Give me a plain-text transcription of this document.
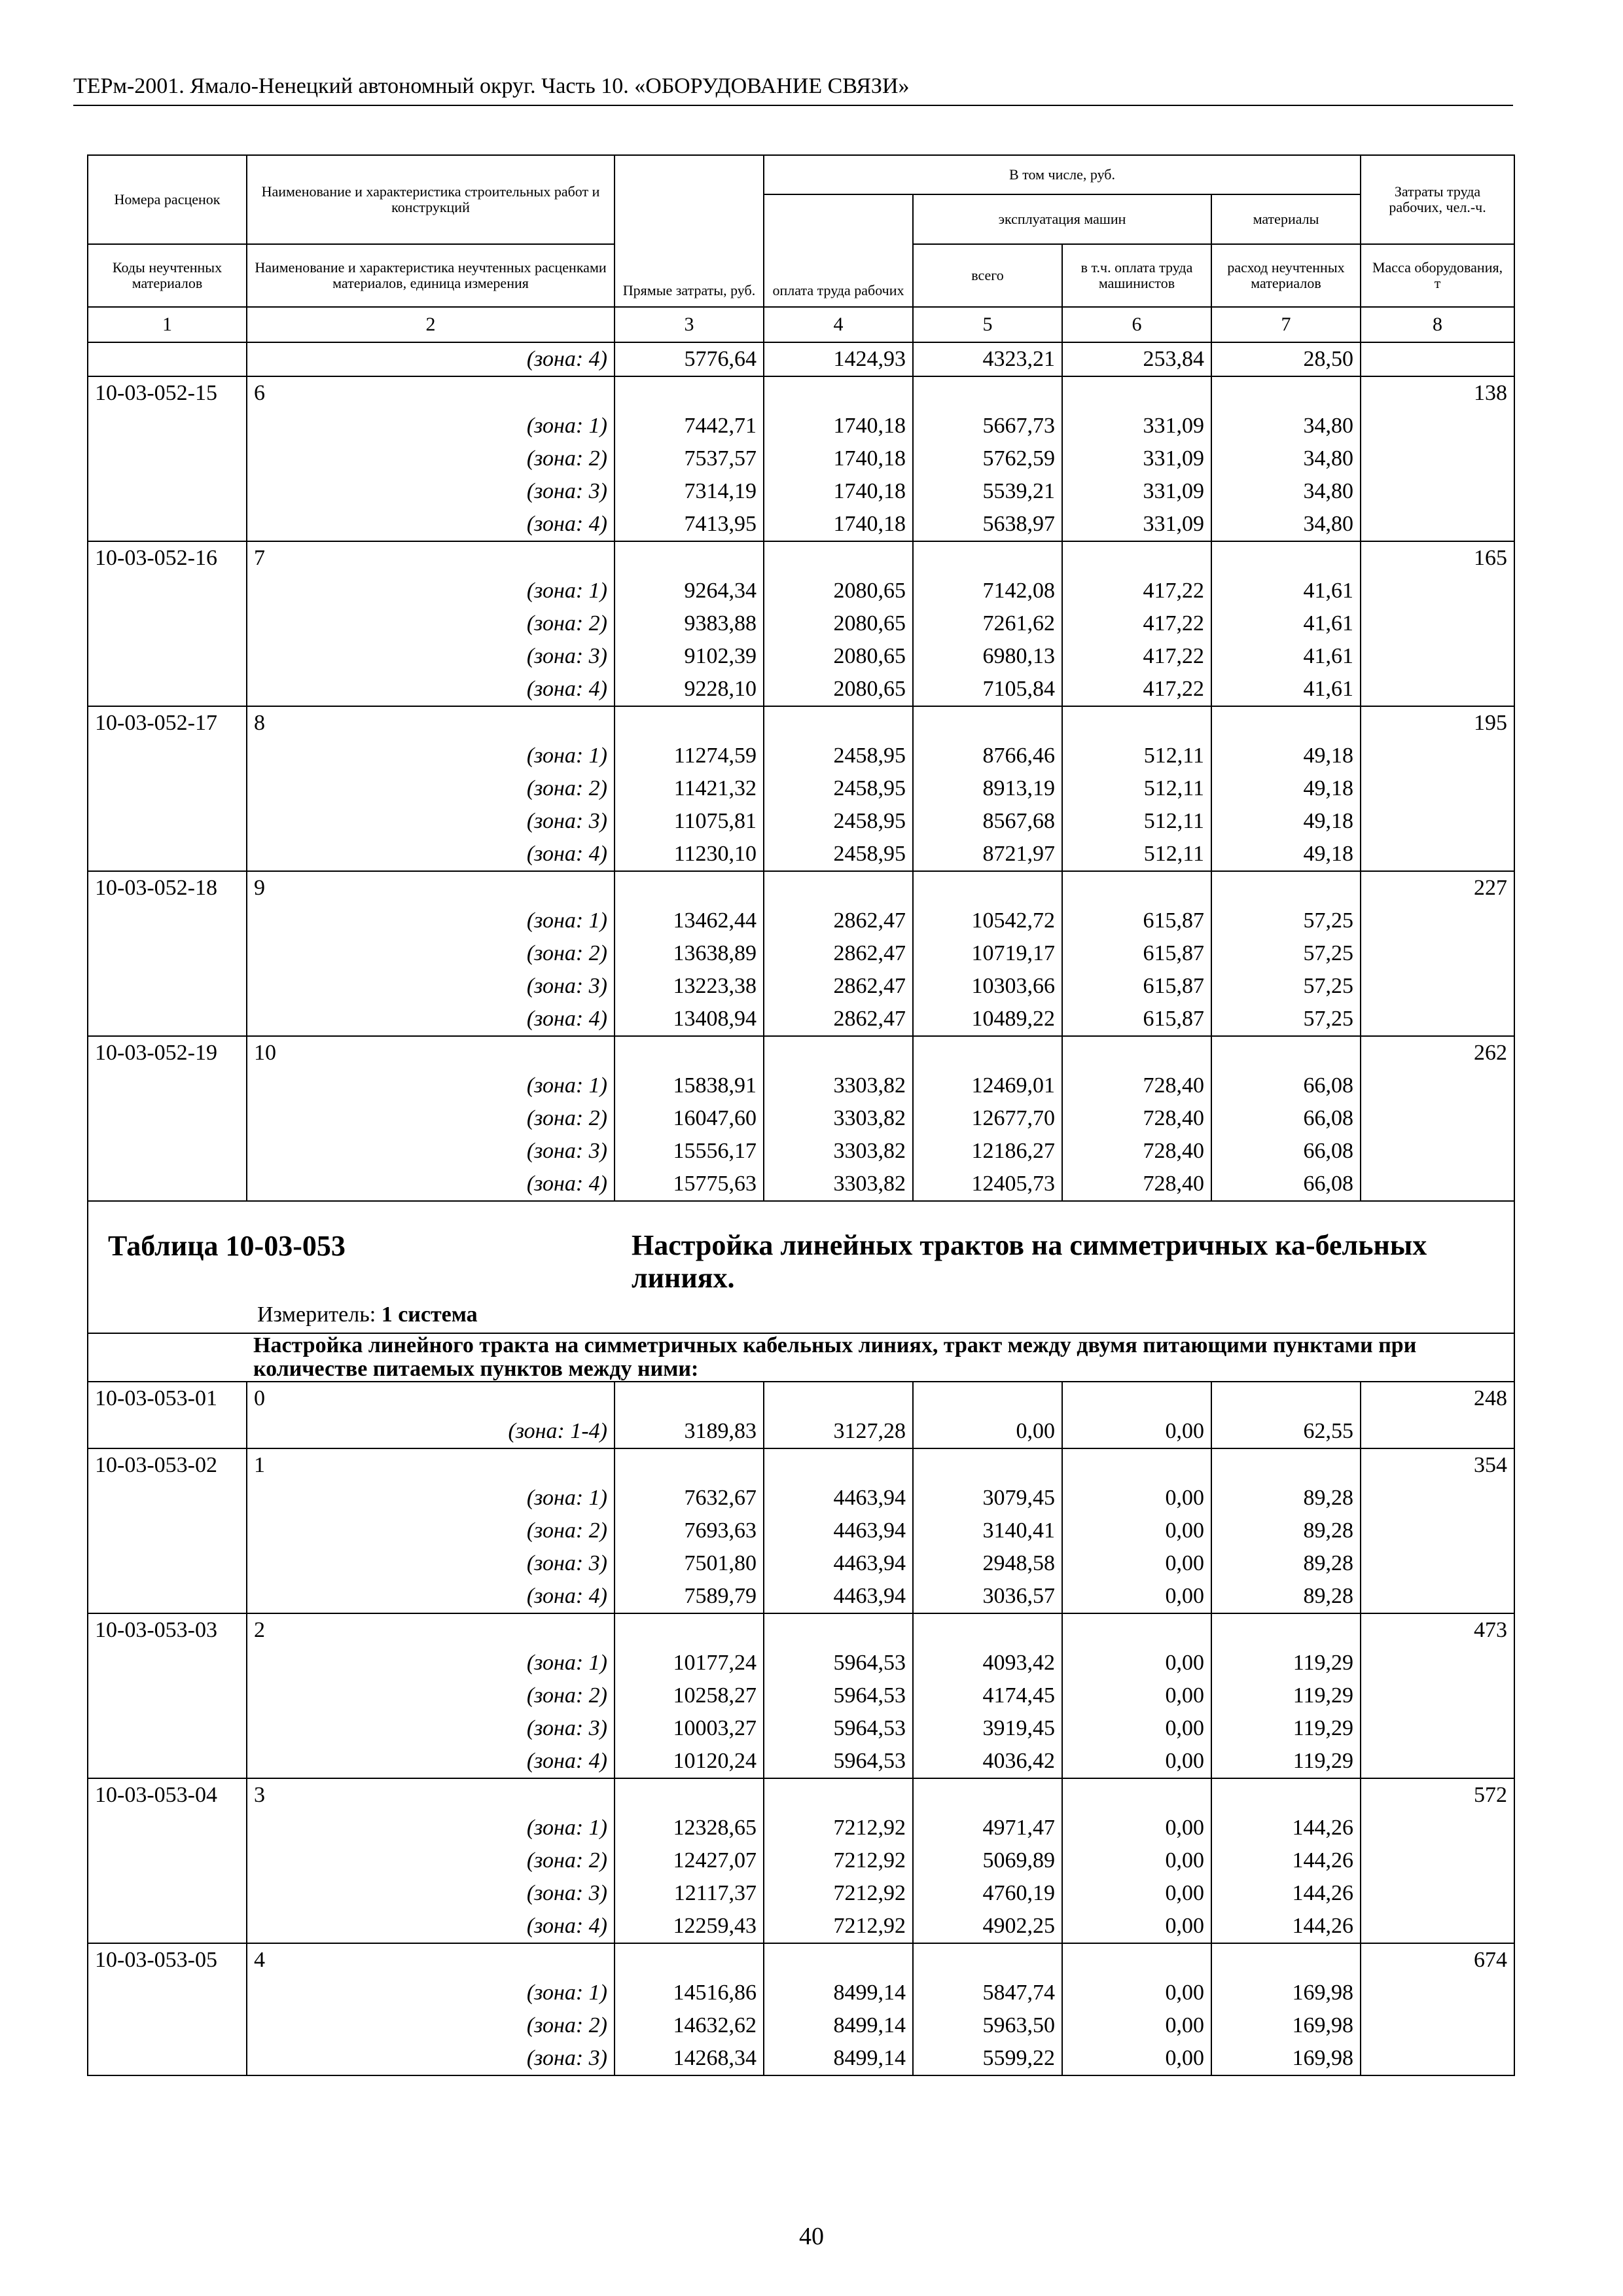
ТЕРм-2001. Ямало-Ненецкий автономный округ. Часть 10. «ОБОРУДОВАНИЕ СВЯЗИ»
Номера расценок	Наименование и характеристика строительных работ и конструкций	Прямые затраты, руб.	В том числе, руб.				Затраты труда рабочих, чел.-ч.
			оплата труда рабочих	эксплуатация машин		материалы	
Коды неучтенных материалов	Наименование и характеристика неучтенных расценками материалов, единица измерения			всего	в т.ч. оплата труда машинистов	расход неучтенных материалов	Масса оборудования, т
1	2	3	4	5	6	7	8
	(зона: 4)	5776,64	1424,93	4323,21	253,84	28,50	
10-03-052-15	6						138
	(зона: 1)	7442,71	1740,18	5667,73	331,09	34,80	
	(зона: 2)	7537,57	1740,18	5762,59	331,09	34,80	
	(зона: 3)	7314,19	1740,18	5539,21	331,09	34,80	
	(зона: 4)	7413,95	1740,18	5638,97	331,09	34,80	
10-03-052-16	7						165
	(зона: 1)	9264,34	2080,65	7142,08	417,22	41,61	
	(зона: 2)	9383,88	2080,65	7261,62	417,22	41,61	
	(зона: 3)	9102,39	2080,65	6980,13	417,22	41,61	
	(зона: 4)	9228,10	2080,65	7105,84	417,22	41,61	
10-03-052-17	8						195
	(зона: 1)	11274,59	2458,95	8766,46	512,11	49,18	
	(зона: 2)	11421,32	2458,95	8913,19	512,11	49,18	
	(зона: 3)	11075,81	2458,95	8567,68	512,11	49,18	
	(зона: 4)	11230,10	2458,95	8721,97	512,11	49,18	
10-03-052-18	9						227
	(зона: 1)	13462,44	2862,47	10542,72	615,87	57,25	
	(зона: 2)	13638,89	2862,47	10719,17	615,87	57,25	
	(зона: 3)	13223,38	2862,47	10303,66	615,87	57,25	
	(зона: 4)	13408,94	2862,47	10489,22	615,87	57,25	
10-03-052-19	10						262
	(зона: 1)	15838,91	3303,82	12469,01	728,40	66,08	
	(зона: 2)	16047,60	3303,82	12677,70	728,40	66,08	
	(зона: 3)	15556,17	3303,82	12186,27	728,40	66,08	
	(зона: 4)	15775,63	3303,82	12405,73	728,40	66,08	

Таблица 10-03-053 Настройка линейных трактов на симметричных ка-бельных линиях.
Измеритель: 1 система							

	Настройка линейного тракта на симметричных кабельных линиях, тракт между двумя питающими пунктами при количестве питаемых пунктов между ними:						
10-03-053-01	0						248
	(зона: 1-4)	3189,83	3127,28	0,00	0,00	62,55	
10-03-053-02	1						354
	(зона: 1)	7632,67	4463,94	3079,45	0,00	89,28	
	(зона: 2)	7693,63	4463,94	3140,41	0,00	89,28	
	(зона: 3)	7501,80	4463,94	2948,58	0,00	89,28	
	(зона: 4)	7589,79	4463,94	3036,57	0,00	89,28	
10-03-053-03	2						473
	(зона: 1)	10177,24	5964,53	4093,42	0,00	119,29	
	(зона: 2)	10258,27	5964,53	4174,45	0,00	119,29	
	(зона: 3)	10003,27	5964,53	3919,45	0,00	119,29	
	(зона: 4)	10120,24	5964,53	4036,42	0,00	119,29	
10-03-053-04	3						572
	(зона: 1)	12328,65	7212,92	4971,47	0,00	144,26	
	(зона: 2)	12427,07	7212,92	5069,89	0,00	144,26	
	(зона: 3)	12117,37	7212,92	4760,19	0,00	144,26	
	(зона: 4)	12259,43	7212,92	4902,25	0,00	144,26	
10-03-053-05	4						674
	(зона: 1)	14516,86	8499,14	5847,74	0,00	169,98	
	(зона: 2)	14632,62	8499,14	5963,50	0,00	169,98	
	(зона: 3)	14268,34	8499,14	5599,22	0,00	169,98	
40
